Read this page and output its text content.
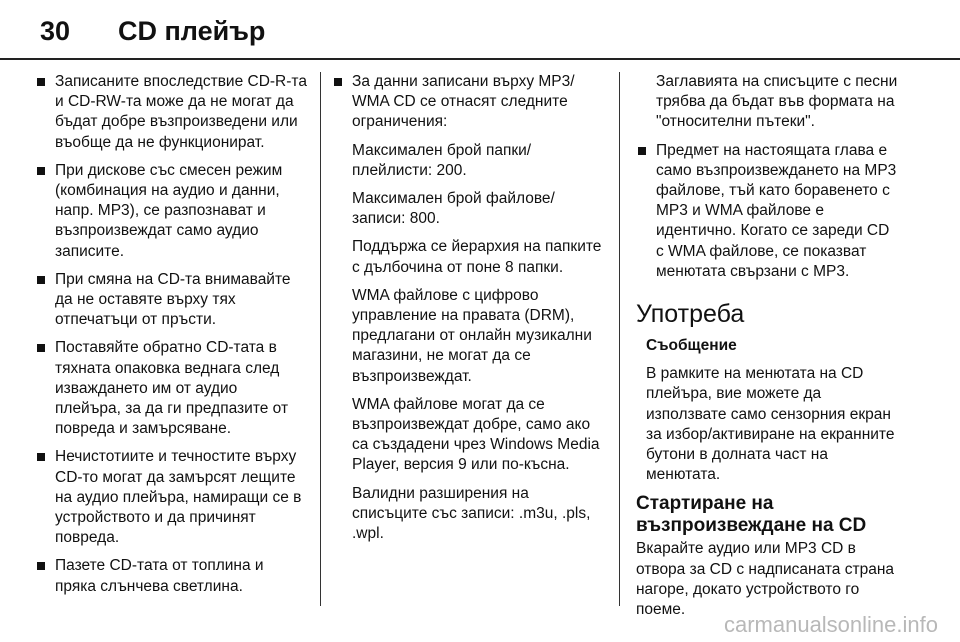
30 CD плейър
Записаните впоследствие CD-R-та и CD-RW-та може да не могат да бъдат добре възпроизведени или въобще да не функционират.
При дискове със смесен режим (комбинация на аудио и данни, напр. MP3), се разпознават и възпроизвеждат само аудио записите.
При смяна на CD-та внимавайте да не оставяте върху тях отпечатъци от пръсти.
Поставяйте обратно CD-тата в тяхната опаковка веднага след изваждането им от аудио плейъра, за да ги предпазите от повреда и замърсяване.
Нечистотиите и течностите върху CD-то могат да замърсят лещите на аудио плейъра, намиращи се в устройството и да причинят повреда.
Пазете CD-тата от топлина и пряка слънчева светлина.
За данни записани върху MP3/ WMA CD се отнасят следните ограничения:

Максимален брой папки/ плейлисти: 200.

Максимален брой файлове/ записи: 800.

Поддържа се йерархия на папките с дълбочина от поне 8 папки.

WMA файлове с цифрово управление на правата (DRM), предлагани от онлайн музикални магазини, не могат да се възпроизвеждат.

WMA файлове могат да се възпроизвеждат добре, само ако са създадени чрез Windows Media Player, версия 9 или по-късна.

Валидни разширения на списъците със записи: .m3u, .pls, .wpl.

Заглавията на списъците с песни трябва да бъдат във формата на "относителни пътеки".

Предмет на настоящата глава е само възпроизвеждането на MP3 файлове, тъй като боравенето с MP3 и WMA файлове е идентично. Когато се зареди CD с WMA файлове, се показват менютата свързани с MP3.
Употреба

Съобщение

В рамките на менютата на CD плейъра, вие можете да използвате само сензорния екран за избор/активиране на екранните бутони в долната част на менютата.

Стартиране на възпроизвеждане на CD

Вкарайте аудио или MP3 CD в отвора за CD с надписаната страна нагоре, докато устройството го поеме.

carmanualsonline.info
